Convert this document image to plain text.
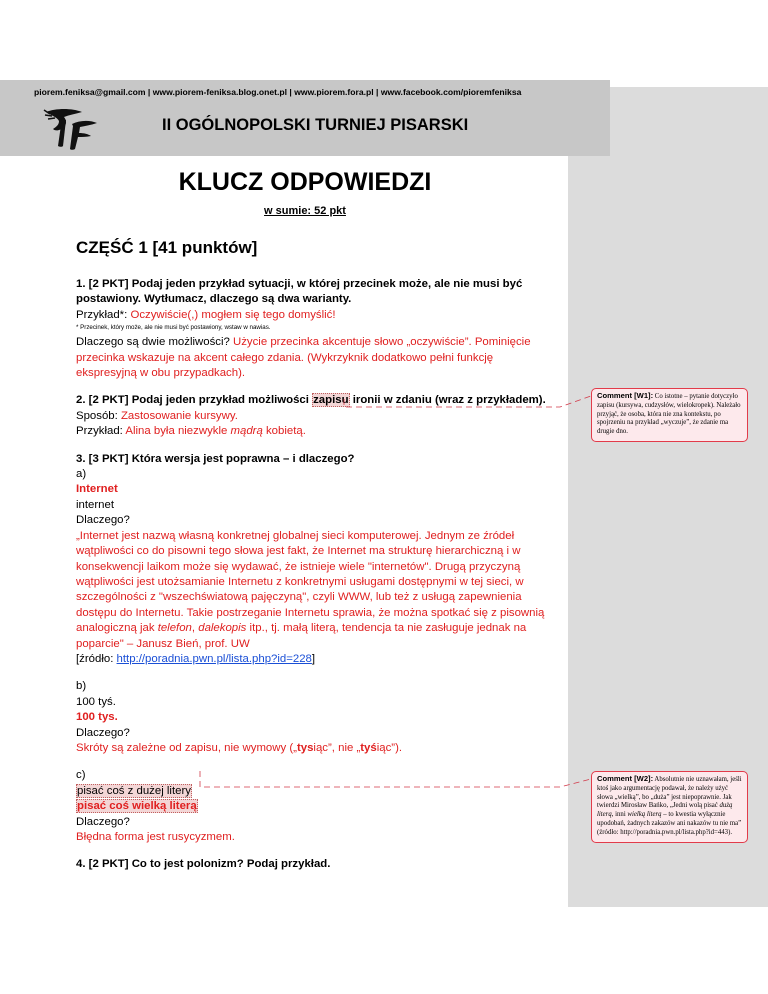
piorem.feniksa@gmail.com | www.piorem-feniksa.blog.onet.pl | www.piorem.fora.pl | www.facebook.com/pioremfeniksa
II OGÓLNOPOLSKI TURNIEJ PISARSKI
KLUCZ ODPOWIEDZI
w sumie: 52 pkt
CZĘŚĆ 1 [41 punktów]

1. [2 PKT] Podaj jeden przykład sytuacji, w której przecinek może, ale nie musi być postawiony. Wytłumacz, dlaczego są dwa warianty.

Przykład*: Oczywiście(,) mogłem się tego domyślić!

* Przecinek, który może, ale nie musi być postawiony, wstaw w nawias.

Dlaczego są dwie możliwości? Użycie przecinka akcentuje słowo „oczywiście”. Pominięcie przecinka wskazuje na akcent całego zdania. (Wykrzyknik dodatkowo pełni funkcję ekspresyjną w obu przypadkach).

2. [2 PKT] Podaj jeden przykład możliwości zapisu ironii w zdaniu (wraz z przykładem).

Sposób: Zastosowanie kursywy.

Przykład: Alina była niezwykle mądrą kobietą.

3. [3 PKT] Która wersja jest poprawna – i dlaczego?

a)

Internet

internet

Dlaczego?

„Internet jest nazwą własną konkretnej globalnej sieci komputerowej. Jednym ze źródeł wątpliwości co do pisowni tego słowa jest fakt, że Internet ma strukturę hierarchiczną i w konsekwencji laikom może się wydawać, że istnieje wiele "internetów". Drugą przyczyną wątpliwości jest utożsamianie Internetu z konkretnymi usługami dostępnymi w tej sieci, w szczególności z "wszechświatową pajęczyną", czyli WWW, lub też z usługą zapewnienia dostępu do Internetu. Takie postrzeganie Internetu sprawia, że można spotkać się z pisownią analogiczną jak telefon, dalekopis itp., tj. małą literą, tendencja ta nie zasługuje jednak na poparcie" – Janusz Bień, prof. UW

[źródło: http://poradnia.pwn.pl/lista.php?id=228]

b)

100 tyś.

100 tys.

Dlaczego?

Skróty są zależne od zapisu, nie wymowy („tysiąc”, nie „tyśiąc”).

c)

pisać coś z dużej litery

pisać coś wielką literą

Dlaczego?

Błędna forma jest rusycyzmem.

4. [2 PKT] Co to jest polonizm? Podaj przykład.

Comment [W1]: Co istotne – pytanie dotyczyło zapisu (kursywa, cudzysłów, wielokropek). Należało przyjąć, że osoba, która nie zna kontekstu, po spojrzeniu na przykład „wyczuje”, że zdanie ma drugie dno.
Comment [W2]: Absolutnie nie uznawałam, jeśli ktoś jako argumentację podawał, że należy użyć słowa „wielką”, bo „duża” jest niepoprawnie. Jak twierdzi Mirosław Bańko, „Jedni wolą pisać dużą literą, inni wielką literą – to kwestia wyłącznie upodobań, żadnych zakazów ani nakazów tu nie ma” (źródło: http://poradnia.pwn.pl/lista.php?id=443).
